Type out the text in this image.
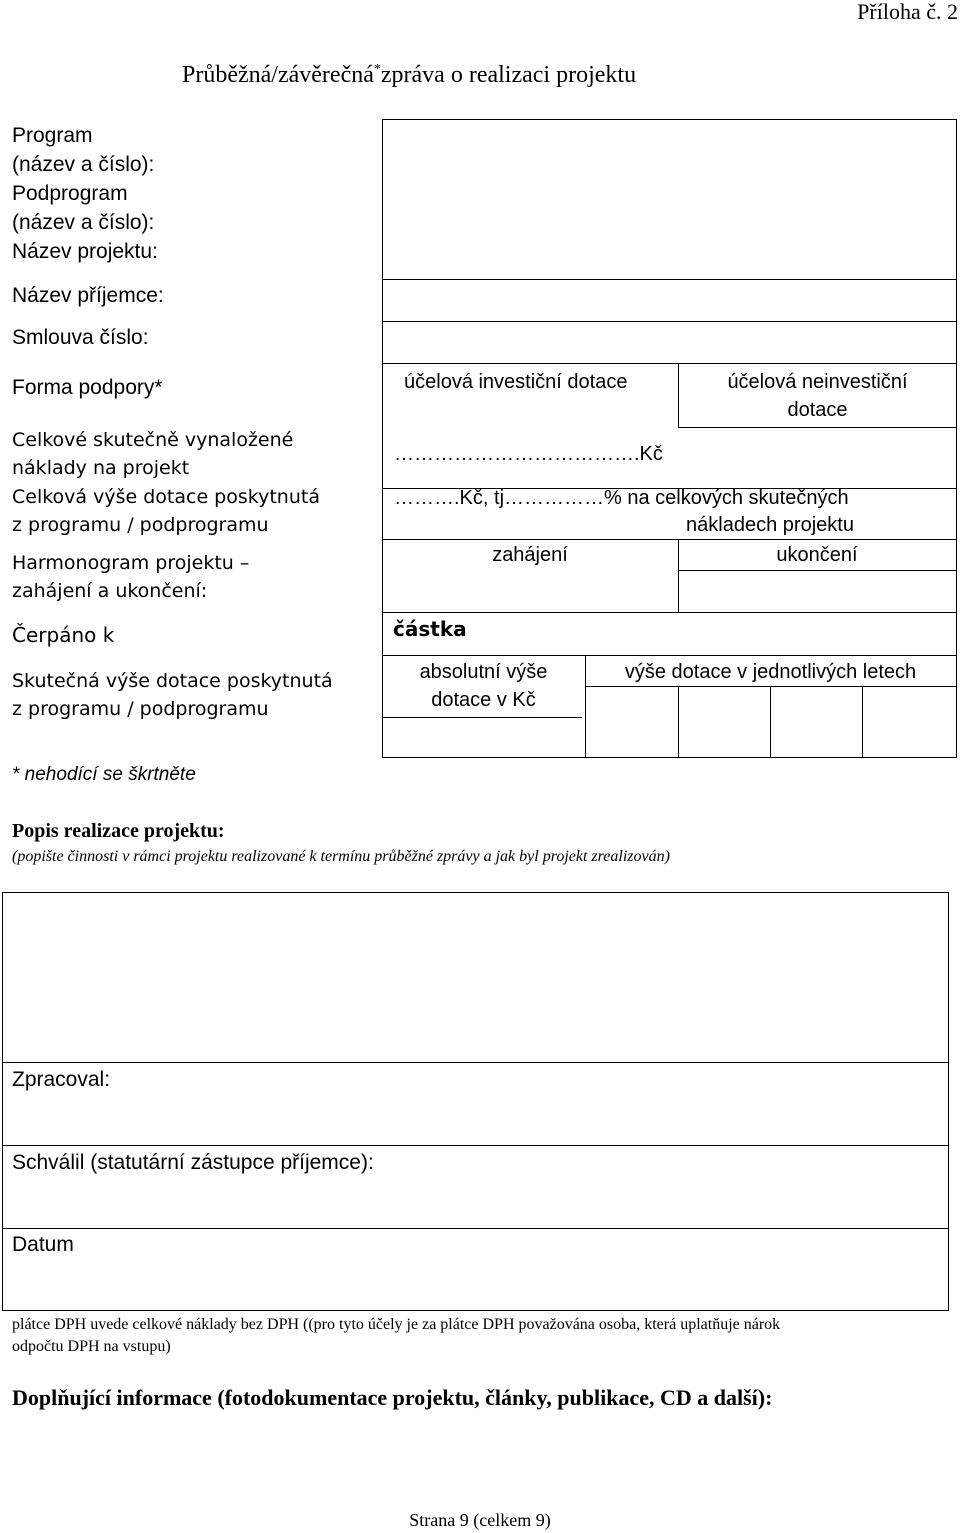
Příloha č. 2
Průběžná/závěrečná*zpráva o realizaci projektu
Program
(název a číslo):
Podprogram
(název a číslo):
Název projektu:
Název příjemce:
Smlouva číslo:
Forma podpory*
Celkové skutečně vynaložené
náklady na projekt
Celková výše dotace poskytnutá
z programu / podprogramu
Harmonogram projektu –
zahájení a ukončení:
Čerpáno k
Skutečná výše dotace poskytnutá
z programu / podprogramu
účelová investiční dotace	účelová neinvestiční
dotace
……………………………….Kč
……….Kč, tj……………% na celkových skutečných
nákladech projektu
zahájení	ukončení
částka
absolutní výše
dotace v Kč
výše dotace v jednotlivých letech
* nehodící se škrtněte
Popis realizace projektu:
(popište činnosti v rámci projektu realizované k termínu průběžné zprávy a jak byl projekt zrealizován)
Zpracoval:
Schválil (statutární zástupce příjemce):
Datum
plátce DPH uvede celkové náklady bez DPH ((pro tyto účely je za plátce DPH považována osoba, která uplatňuje nárok
odpočtu DPH na vstupu)
Doplňující informace (fotodokumentace projektu, články, publikace, CD a další):
Strana 9 (celkem 9)
